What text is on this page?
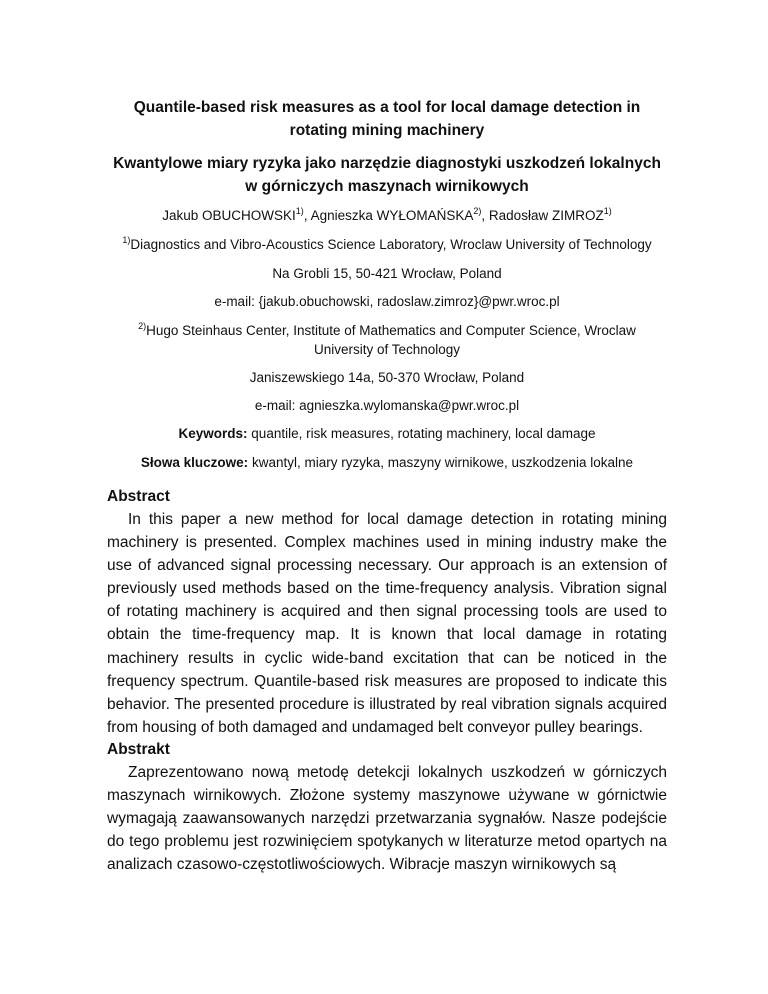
Quantile-based risk measures as a tool for local damage detection in rotating mining machinery

Kwantylowe miary ryzyka jako narzędzie diagnostyki uszkodzeń lokalnych w górniczych maszynach wirnikowych

Jakub OBUCHOWSKI$^{1)}$, Agnieszka WYŁOMAŃSKA$^{2)}$, Radosław ZIMROZ$^{1)}$

$^{1)}$Diagnostics and Vibro-Acoustics Science Laboratory, Wroclaw University of Technology

Na Grobli 15, 50-421 Wrocław, Poland

e-mail: {jakub.obuchowski, radoslaw.zimroz}@pwr.wroc.pl

$^{2)}$Hugo Steinhaus Center, Institute of Mathematics and Computer Science, Wroclaw University of Technology

Janiszewskiego 14a, 50-370 Wrocław, Poland

e-mail: agnieszka.wylomanska@pwr.wroc.pl

Keywords: quantile, risk measures, rotating machinery, local damage

Słowa kluczowe: kwantyl, miary ryzyka, maszyny wirnikowe, uszkodzenia lokalne

Abstract

In this paper a new method for local damage detection in rotating mining machinery is presented. Complex machines used in mining industry make the use of advanced signal processing necessary. Our approach is an extension of previously used methods based on the time-frequency analysis. Vibration signal of rotating machinery is acquired and then signal processing tools are used to obtain the time-frequency map. It is known that local damage in rotating machinery results in cyclic wide-band excitation that can be noticed in the frequency spectrum. Quantile-based risk measures are proposed to indicate this behavior. The presented procedure is illustrated by real vibration signals acquired from housing of both damaged and undamaged belt conveyor pulley bearings.

Abstrakt

Zaprezentowano nową metodę detekcji lokalnych uszkodzeń w górniczych maszynach wirnikowych. Złożone systemy maszynowe używane w górnictwie wymagają zaawansowanych narzędzi przetwarzania sygnałów. Nasze podejście do tego problemu jest rozwinięciem spotykanych w literaturze metod opartych na analizach czasowo-częstotliwościowych. Wibracje maszyn wirnikowych są
